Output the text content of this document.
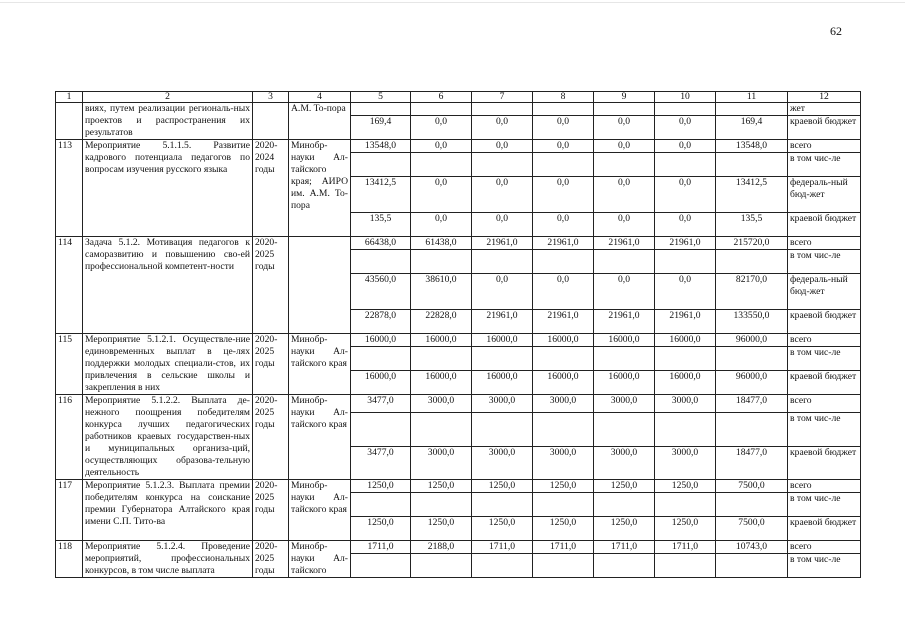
62
1	2	3	4	5	6	7	8	9	10	11	12
	виях, путем реализации региональ-ных проектов и распространения их результатов		А.М. То-пора								жет
				169,4	0,0	0,0	0,0	0,0	0,0	169,4	краевой бюджет
113	Мероприятие 5.1.1.5. Развитие кадрового потенциала педагогов по вопросам изучения русского языка	2020-2024 годы	Минобр-науки Ал-тайского края; АИРО им. А.М. То-пора	13548,0	0,0	0,0	0,0	0,0	0,0	13548,0	всего
											в том чис-ле
				13412,5	0,0	0,0	0,0	0,0	0,0	13412,5	федераль-ный бюд-жет
				135,5	0,0	0,0	0,0	0,0	0,0	135,5	краевой бюджет
114	Задача 5.1.2. Мотивация педагогов к саморазвитию и повышению сво-ей профессиональной компетент-ности	2020-2025 годы		66438,0	61438,0	21961,0	21961,0	21961,0	21961,0	215720,0	всего
											в том чис-ле
				43560,0	38610,0	0,0	0,0	0,0	0,0	82170,0	федераль-ный бюд-жет
				22878,0	22828,0	21961,0	21961,0	21961,0	21961,0	133550,0	краевой бюджет
115	Мероприятие 5.1.2.1. Осуществле-ние единовременных выплат в це-лях поддержки молодых специали-стов, их привлечения в сельские школы и закрепления в них	2020-2025 годы	Минобр-науки Ал-тайского края	16000,0	16000,0	16000,0	16000,0	16000,0	16000,0	96000,0	всего
											в том чис-ле
				16000,0	16000,0	16000,0	16000,0	16000,0	16000,0	96000,0	краевой бюджет
116	Мероприятие 5.1.2.2. Выплата де-нежного поощрения победителям конкурса лучших педагогических работников краевых государствен-ных и муниципальных организа-ций, осуществляющих образова-тельную деятельность	2020-2025 годы	Минобр-науки Ал-тайского края	3477,0	3000,0	3000,0	3000,0	3000,0	3000,0	18477,0	всего
											в том чис-ле
				3477,0	3000,0	3000,0	3000,0	3000,0	3000,0	18477,0	краевой бюджет
117	Мероприятие 5.1.2.3. Выплата премии победителям конкурса на соискание премии Губернатора Алтайского края имени С.П. Тито-ва	2020-2025 годы	Минобр-науки Ал-тайского края	1250,0	1250,0	1250,0	1250,0	1250,0	1250,0	7500,0	всего
											в том чис-ле
				1250,0	1250,0	1250,0	1250,0	1250,0	1250,0	7500,0	краевой бюджет
118	Мероприятие 5.1.2.4. Проведение мероприятий, профессиональных конкурсов, в том числе выплата	2020-2025 годы	Минобр-науки Ал-тайского	1711,0	2188,0	1711,0	1711,0	1711,0	1711,0	10743,0	всего
											в том чис-ле
